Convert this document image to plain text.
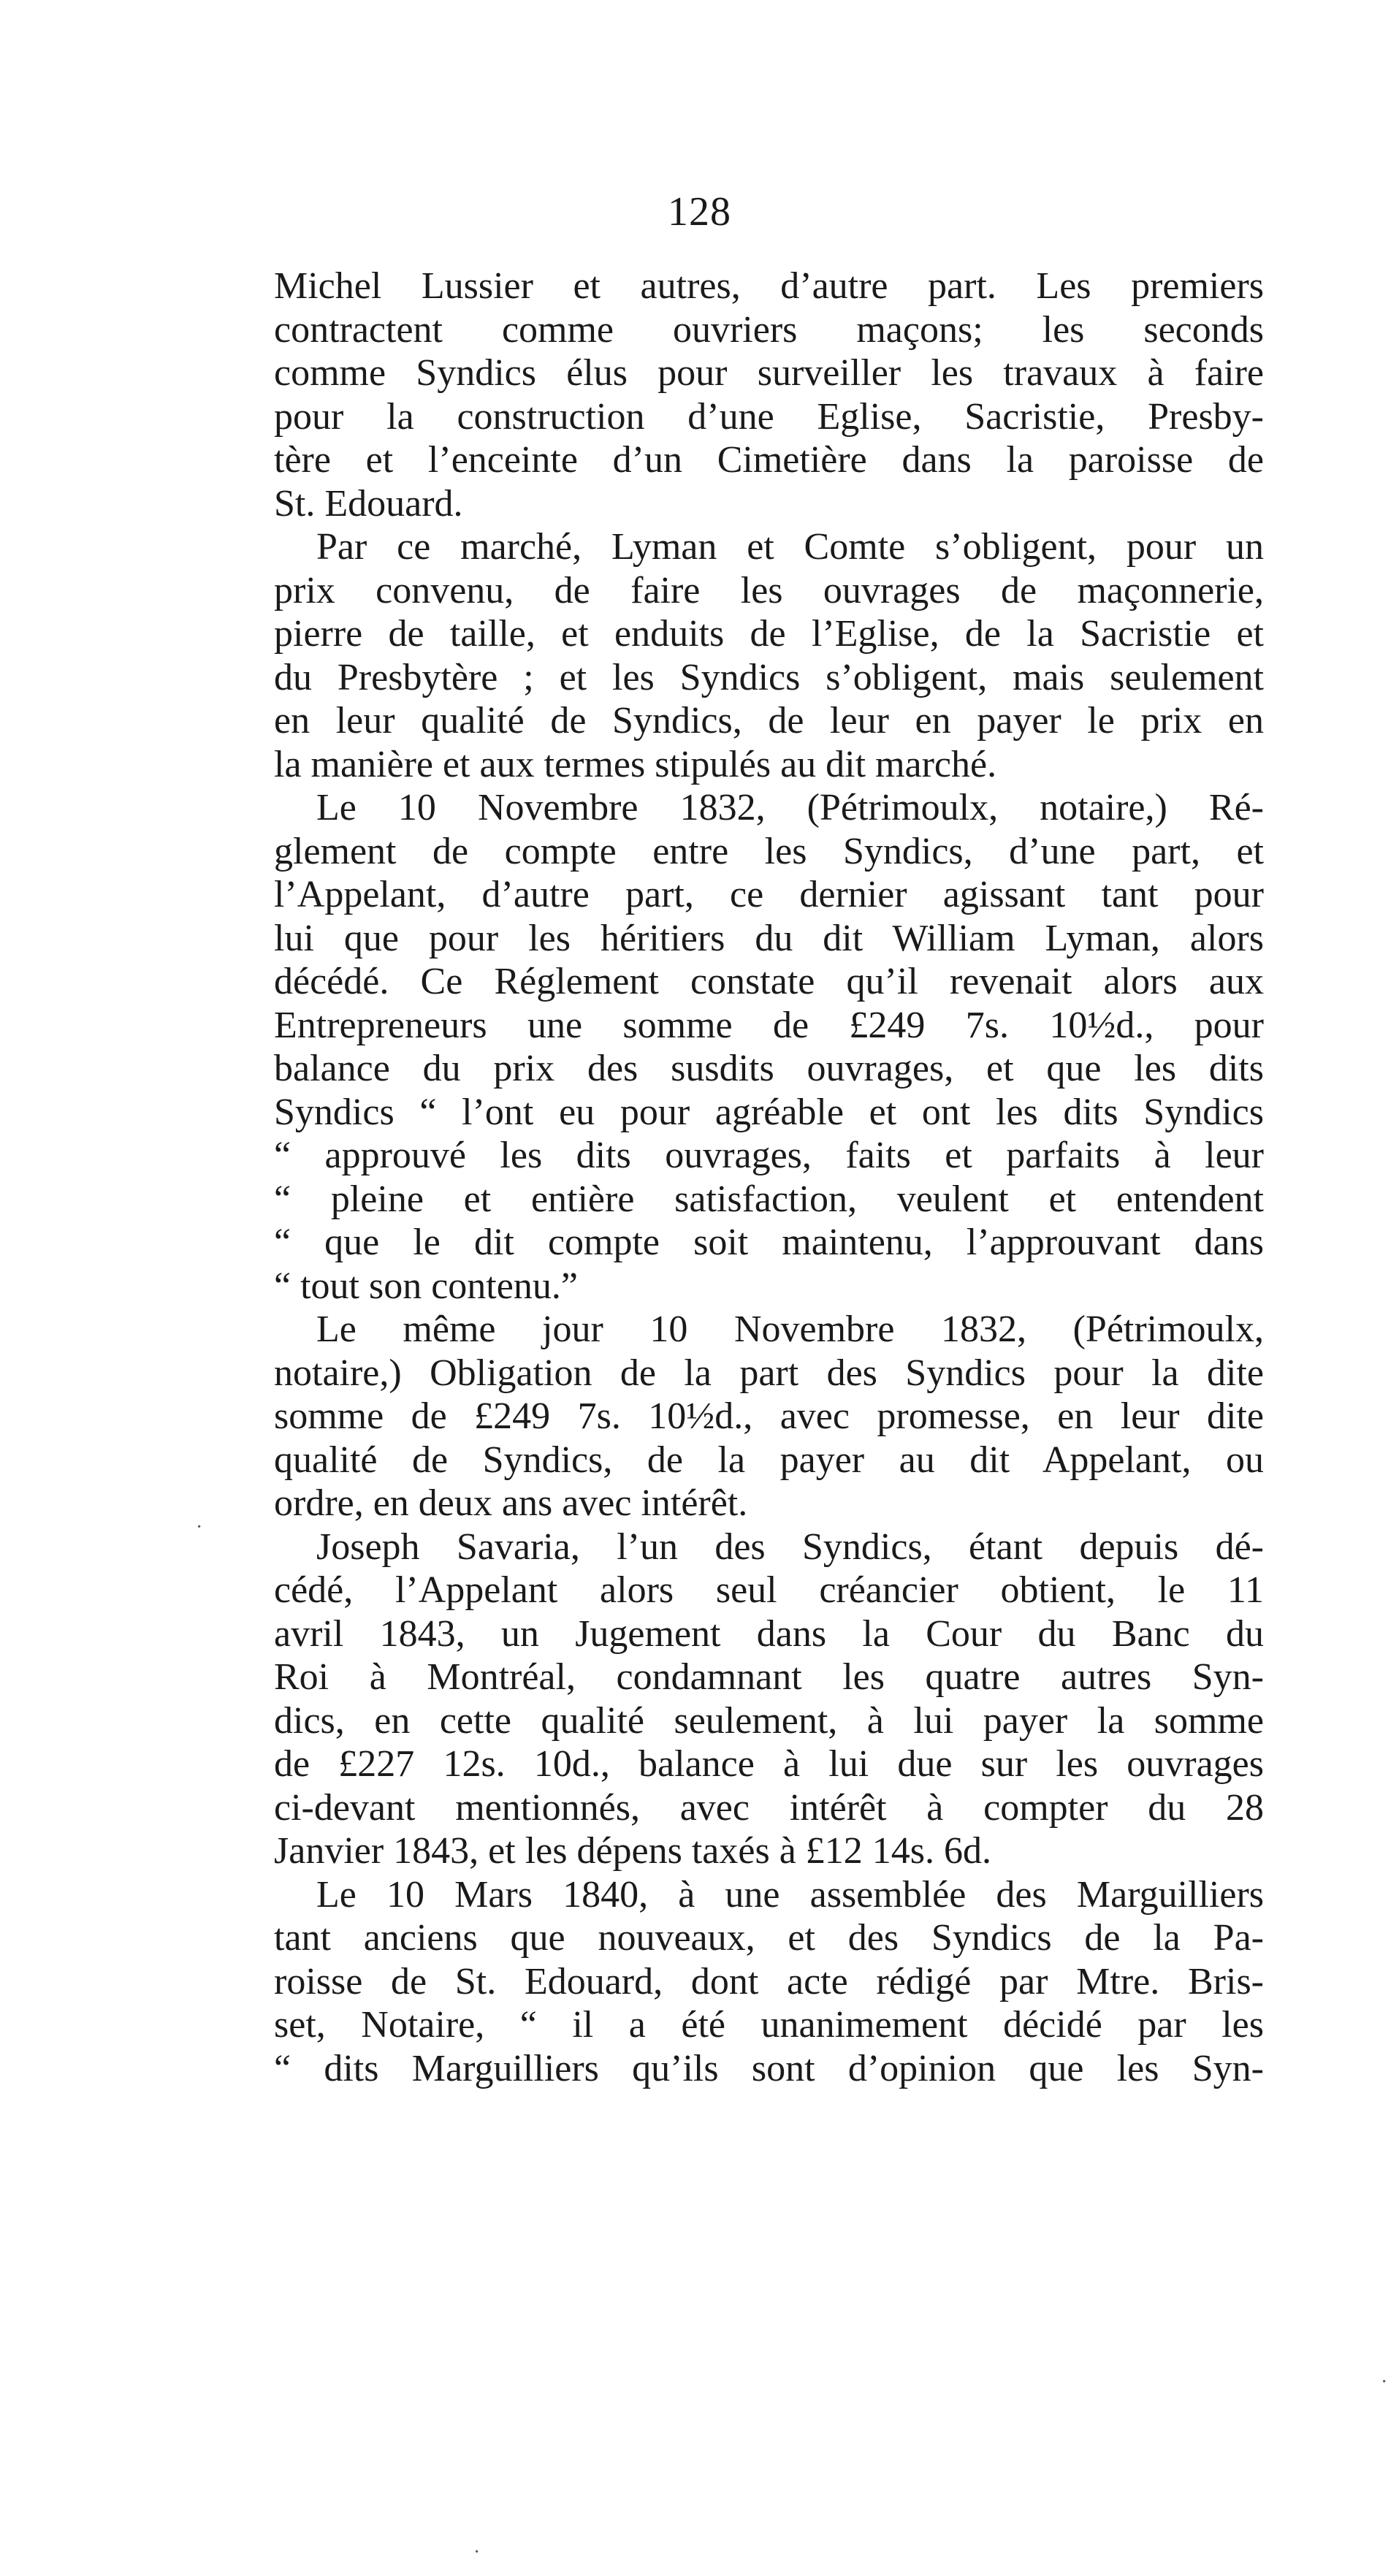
128
Michel Lussier et autres, d’autre part. Les premiers
contractent comme ouvriers maçons; les seconds
comme Syndics élus pour surveiller les travaux à faire
pour la construction d’une Eglise, Sacristie, Presby-
tère et l’enceinte d’un Cimetière dans la paroisse de
St. Edouard.
Par ce marché, Lyman et Comte s’obligent, pour un
prix convenu, de faire les ouvrages de maçonnerie,
pierre de taille, et enduits de l’Eglise, de la Sacristie et
du Presbytère ; et les Syndics s’obligent, mais seulement
en leur qualité de Syndics, de leur en payer le prix en
la manière et aux termes stipulés au dit marché.
Le 10 Novembre 1832, (Pétrimoulx, notaire,) Ré-
glement de compte entre les Syndics, d’une part, et
l’Appelant, d’autre part, ce dernier agissant tant pour
lui que pour les héritiers du dit William Lyman, alors
décédé. Ce Réglement constate qu’il revenait alors aux
Entrepreneurs une somme de £249 7s. 10½d., pour
balance du prix des susdits ouvrages, et que les dits
Syndics “ l’ont eu pour agréable et ont les dits Syndics
“ approuvé les dits ouvrages, faits et parfaits à leur
“ pleine et entière satisfaction, veulent et entendent
“ que le dit compte soit maintenu, l’approuvant dans
“ tout son contenu.”
Le même jour 10 Novembre 1832, (Pétrimoulx,
notaire,) Obligation de la part des Syndics pour la dite
somme de £249 7s. 10½d., avec promesse, en leur dite
qualité de Syndics, de la payer au dit Appelant, ou
ordre, en deux ans avec intérêt.
Joseph Savaria, l’un des Syndics, étant depuis dé-
cédé, l’Appelant alors seul créancier obtient, le 11
avril 1843, un Jugement dans la Cour du Banc du
Roi à Montréal, condamnant les quatre autres Syn-
dics, en cette qualité seulement, à lui payer la somme
de £227 12s. 10d., balance à lui due sur les ouvrages
ci-devant mentionnés, avec intérêt à compter du 28
Janvier 1843, et les dépens taxés à £12 14s. 6d.
Le 10 Mars 1840, à une assemblée des Marguilliers
tant anciens que nouveaux, et des Syndics de la Pa-
roisse de St. Edouard, dont acte rédigé par Mtre. Bris-
set, Notaire, “ il a été unanimement décidé par les
“ dits Marguilliers qu’ils sont d’opinion que les Syn-
·
·
·
